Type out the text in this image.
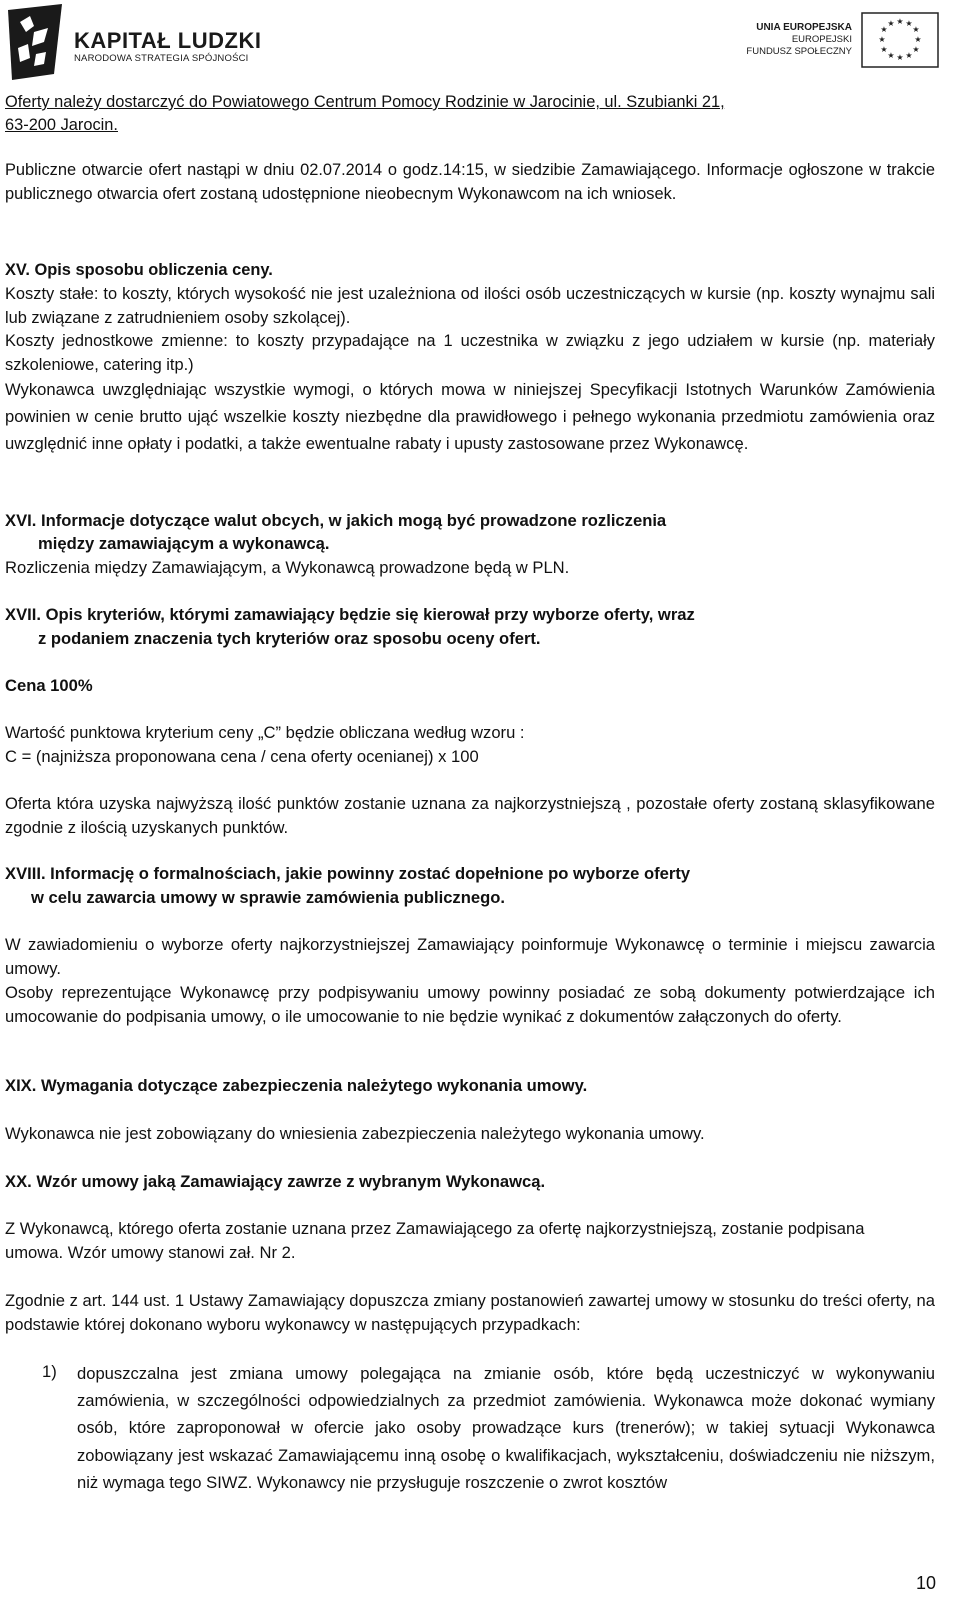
KAPITAŁ LUDZKI
NARODOWA STRATEGIA SPÓJNOŚCI
UNIA EUROPEJSKA
EUROPEJSKI
FUNDUSZ SPOŁECZNY
★ ★
★
★
★
★
★
★
★
★
★
★
Oferty należy dostarczyć do Powiatowego Centrum Pomocy Rodzinie w Jarocinie, ul. Szubianki 21,
63-200 Jarocin.
Publiczne otwarcie ofert nastąpi w dniu 02.07.2014 o godz.14:15, w siedzibie Zamawiającego. Informacje ogłoszone w trakcie publicznego otwarcia ofert zostaną udostępnione nieobecnym Wykonawcom na ich wniosek.
XV. Opis sposobu obliczenia ceny.
Koszty stałe: to koszty, których wysokość nie jest uzależniona od ilości osób uczestniczących w kursie (np. koszty wynajmu sali lub związane z zatrudnieniem osoby szkolącej).
Koszty jednostkowe zmienne: to koszty przypadające na 1 uczestnika w związku z jego udziałem w kursie (np. materiały szkoleniowe, catering itp.)
Wykonawca uwzględniając wszystkie wymogi, o których mowa w niniejszej Specyfikacji Istotnych Warunków Zamówienia powinien w cenie brutto ująć wszelkie koszty niezbędne dla prawidłowego i pełnego wykonania przedmiotu zamówienia oraz uwzględnić inne opłaty i podatki, a także ewentualne rabaty i upusty zastosowane przez Wykonawcę.
XVI. Informacje dotyczące walut obcych, w jakich mogą być prowadzone rozliczenia
między zamawiającym a wykonawcą.
Rozliczenia między Zamawiającym, a Wykonawcą prowadzone będą w PLN.
XVII. Opis kryteriów, którymi zamawiający będzie się kierował przy wyborze oferty, wraz
z podaniem znaczenia tych kryteriów oraz sposobu oceny ofert.
Cena 100%
Wartość punktowa kryterium ceny „C” będzie obliczana według wzoru :
C = (najniższa proponowana cena / cena oferty ocenianej) x 100
Oferta która uzyska najwyższą ilość punktów zostanie uznana za najkorzystniejszą , pozostałe oferty zostaną sklasyfikowane zgodnie z ilością uzyskanych punktów.
XVIII. Informację o formalnościach, jakie powinny zostać dopełnione po wyborze oferty
w celu zawarcia umowy w sprawie zamówienia publicznego.
W zawiadomieniu o wyborze oferty najkorzystniejszej Zamawiający poinformuje Wykonawcę o terminie i miejscu zawarcia umowy.
Osoby reprezentujące Wykonawcę przy podpisywaniu umowy powinny posiadać ze sobą dokumenty potwierdzające ich umocowanie do podpisania umowy, o ile umocowanie to nie będzie wynikać z dokumentów załączonych do oferty.
XIX. Wymagania dotyczące zabezpieczenia należytego wykonania umowy.
Wykonawca nie jest zobowiązany do wniesienia zabezpieczenia należytego wykonania umowy.
XX. Wzór umowy jaką Zamawiający zawrze z wybranym Wykonawcą.
Z Wykonawcą, którego oferta zostanie uznana przez Zamawiającego za ofertę najkorzystniejszą, zostanie podpisana umowa. Wzór umowy stanowi zał. Nr 2.
Zgodnie z art. 144 ust. 1 Ustawy Zamawiający dopuszcza zmiany postanowień zawartej umowy w stosunku do treści oferty, na podstawie której dokonano wyboru wykonawcy w następujących przypadkach:
1)	dopuszczalna jest zmiana umowy polegająca na zmianie osób, które będą uczestniczyć w wykonywaniu zamówienia, w szczególności odpowiedzialnych za przedmiot zamówienia. Wykonawca może dokonać wymiany osób, które zaproponował w ofercie jako osoby prowadzące kurs (trenerów); w takiej sytuacji Wykonawca zobowiązany jest wskazać Zamawiającemu inną osobę o kwalifikacjach, wykształceniu, doświadczeniu nie niższym, niż wymaga tego SIWZ. Wykonawcy nie przysługuje roszczenie o zwrot kosztów
10
